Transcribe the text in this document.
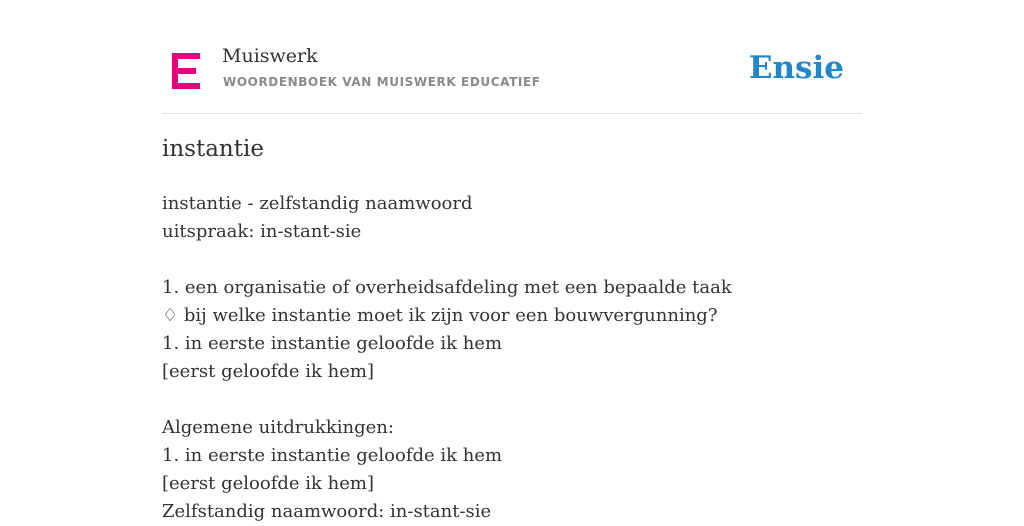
Muiswerk
WOORDENBOEK VAN MUISWERK EDUCATIEF	Ensie
instantie
instantie - zelfstandig naamwoord
uitspraak: in-stant-sie
1. een organisatie of overheidsafdeling met een bepaalde taak
♢ bij welke instantie moet ik zijn voor een bouwvergunning?
1. in eerste instantie geloofde ik hem
[eerst geloofde ik hem]
Algemene uitdrukkingen:
1. in eerste instantie geloofde ik hem
[eerst geloofde ik hem]
Zelfstandig naamwoord: in-stant-sie
